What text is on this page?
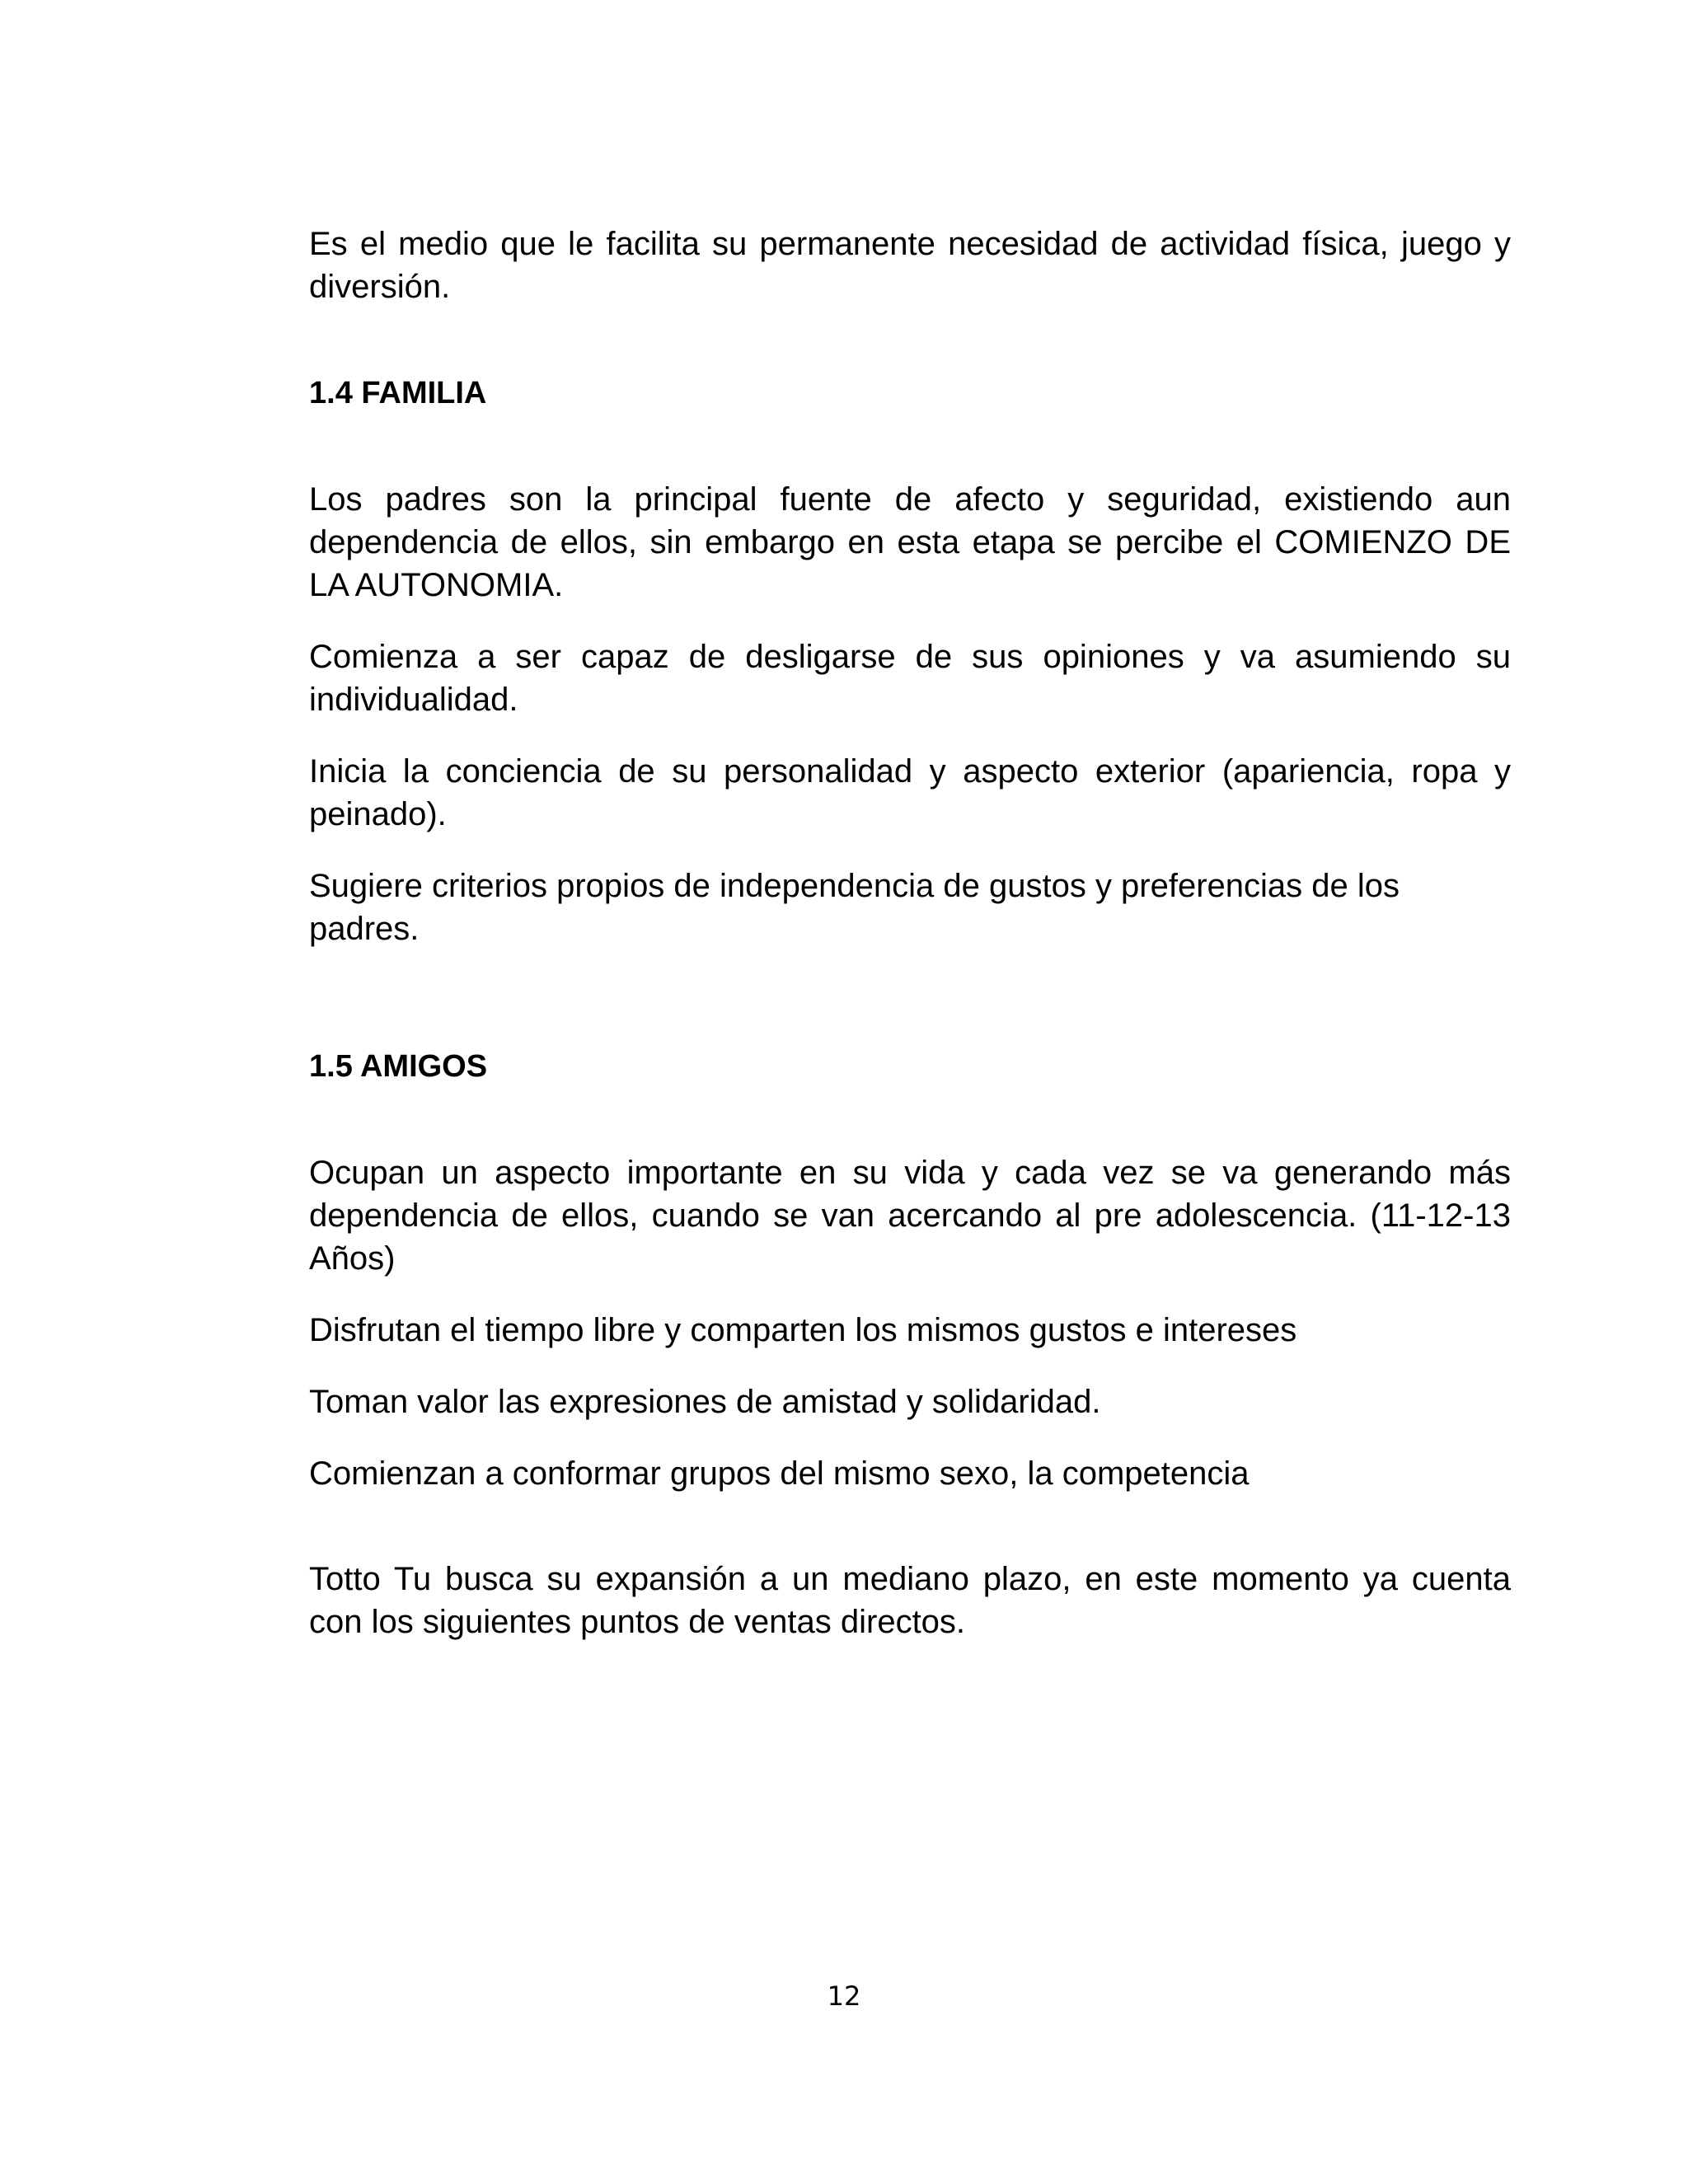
Es el medio que le facilita su permanente necesidad de actividad física, juego y diversión.

1.4 FAMILIA

Los padres son la principal fuente de afecto y seguridad, existiendo aun dependencia de ellos, sin embargo en esta etapa se percibe el COMIENZO DE LA AUTONOMIA.

Comienza a ser capaz de desligarse de sus opiniones y va asumiendo su individualidad.

Inicia la conciencia de su personalidad y aspecto exterior (apariencia, ropa y peinado).

Sugiere criterios propios de independencia de gustos y preferencias de los padres.

1.5 AMIGOS

Ocupan un aspecto importante en su vida y cada vez se va generando más dependencia de ellos, cuando se van acercando al pre adolescencia. (11-12-13 Años)

Disfrutan el tiempo libre y comparten los mismos gustos e intereses

Toman valor las expresiones de amistad y solidaridad.

Comienzan a conformar grupos del mismo sexo, la competencia

Totto Tu busca su expansión a un mediano plazo, en este momento ya cuenta con los siguientes puntos de ventas directos.

12
